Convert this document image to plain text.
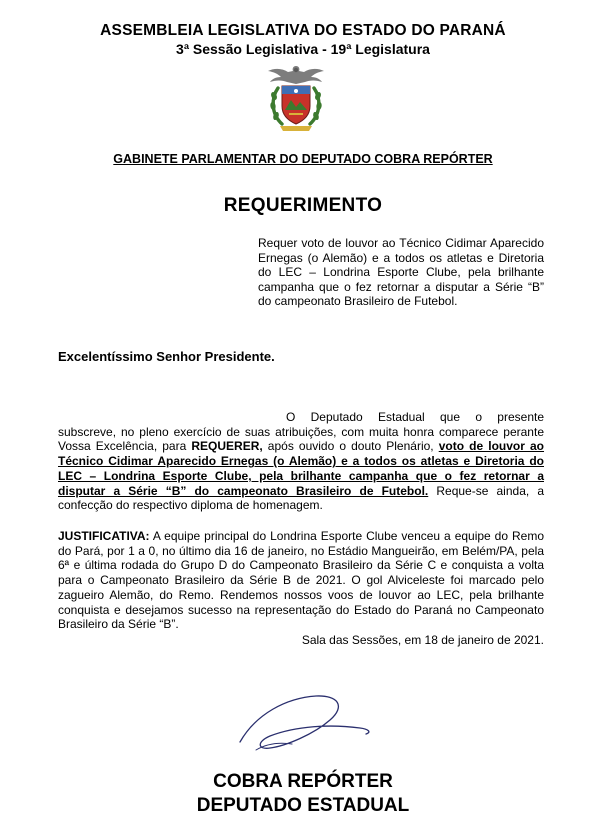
ASSEMBLEIA LEGISLATIVA DO ESTADO DO PARANÁ
3ª Sessão Legislativa - 19ª Legislatura
GABINETE PARLAMENTAR DO DEPUTADO COBRA REPÓRTER
REQUERIMENTO
Requer voto de louvor ao Técnico Cidimar Aparecido Ernegas (o Alemão) e a todos os atletas e Diretoria do LEC – Londrina Esporte Clube, pela brilhante campanha que o fez retornar a disputar a Série “B” do campeonato Brasileiro de Futebol.
Excelentíssimo Senhor Presidente.
O Deputado Estadual que o presente subscreve, no pleno exercício de suas atribuições, com muita honra comparece perante Vossa Excelência, para REQUERER, após ouvido o douto Plenário, voto de louvor ao Técnico Cidimar Aparecido Ernegas (o Alemão) e a todos os atletas e Diretoria do LEC – Londrina Esporte Clube, pela brilhante campanha que o fez retornar a disputar a Série “B” do campeonato Brasileiro de Futebol. Reque-se ainda, a confecção do respectivo diploma de homenagem.
JUSTIFICATIVA: A equipe principal do Londrina Esporte Clube venceu a equipe do Remo do Pará, por 1 a 0, no último dia 16 de janeiro, no Estádio Mangueirão, em Belém/PA, pela 6ª e última rodada do Grupo D do Campeonato Brasileiro da Série C e conquista a volta para o Campeonato Brasileiro da Série B de 2021. O gol Alviceleste foi marcado pelo zagueiro Alemão, do Remo. Rendemos nossos voos de louvor ao LEC, pela brilhante conquista e desejamos sucesso na representação do Estado do Paraná no Campeonato Brasileiro da Série “B”.
Sala das Sessões, em 18 de janeiro de 2021.
COBRA REPÓRTER
DEPUTADO ESTADUAL
